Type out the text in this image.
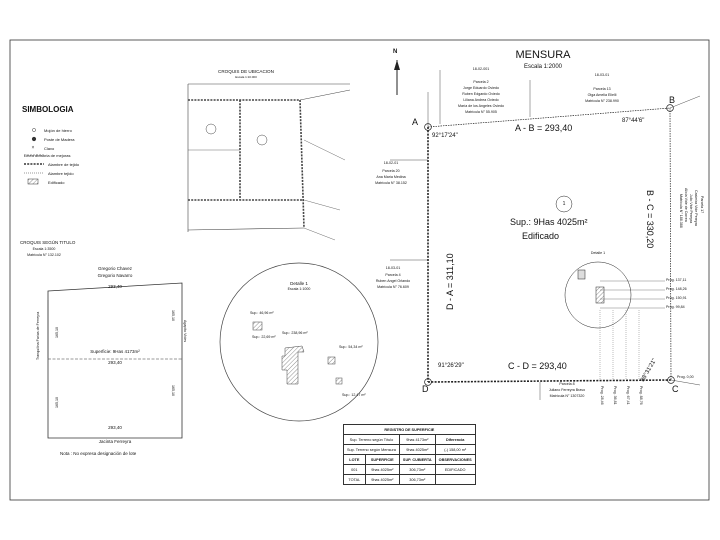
×
MENSURA
Escala 1:2000
N
CROQUIS DE UBICACION
Escala 1:10.000
SIMBOLOGIA
Mojón de hierro
Poste de Madera
Clavo
Linea divisoria de mejoras
Alambre de tejido
Alambre tejido
Edificado
CROQUIS SEGÚN TITULO
Escala 1:3500
Matrícula N° 132.102
Gregorio Chavez
Gregorio Navarro
293,40
Superficie: 9Has 4173m²
293,40
293,40
Jacinta Ferreyra
Tranquilina Farias de Ferreyra	Agapito Vides
165,10
165,10
165,10
165,10
Nota : No expresa designación de lote
Detalle 1
Escala 1:1000
Sup.: 46,96 m²
Sup.: 238,96 m²
Sup.: 54,34 m²
Sup.: 12,47 m²
Sup.: 22,69 m²
18-02-001
Parcela 2
Jorge Eduardo Oviedo
Ruben Edgardo Oviedo
Liliana Andrea Oviedo
María de los Angeles Oviedo
Matrícula N° 55.905
18-03-01
Parcela 13
Olga Amelia Elielli
Matrícula N° 238.990
18-02-01
Parcela 20
Ana María Medina
Matrícula N° 38.152
18-03-01
Parcela 4
Ruben Angel Orlando
Matrícula N° 76.609
Parcela 8
Juliano Ferreyra Bravo
Matrícula N° 1307320
Parcela 17
Casimira Vide Pereyra
Julio Vide Pereyra
Alicia Vide de Correa
Matrícula N° 188.388
A
B
C
D
A - B = 293,40
C - D = 293,40
D - A = 311,10
B - C = 330,20
92°17'24"
87°44'6"
88°31'21"
91°26'29"
1
Sup.: 9Has 4025m²
Edificado
Detalle 1
Prog. 137,11
Prog. 148,26
Prog. 150,91
Prog. 99,84
Prog. 0,00
Prog. 28,46	Prog. 36,81	Prog. 67,41	Prog. 88,76
REGISTRO DE SUPERFICIE			
Sup. Terreno según Título		9has 4173m²	Diferencia
Sup. Terreno según Mensura		9has 4025m²	(-) 158,00 m²
LOTE	SUPERFICIE	SUP. CUBIERTA	OBSERVACIONES
001	9has 4025m²	306,73m²	EDIFICADO
TOTAL	9has 4025m²	306,73m²	
